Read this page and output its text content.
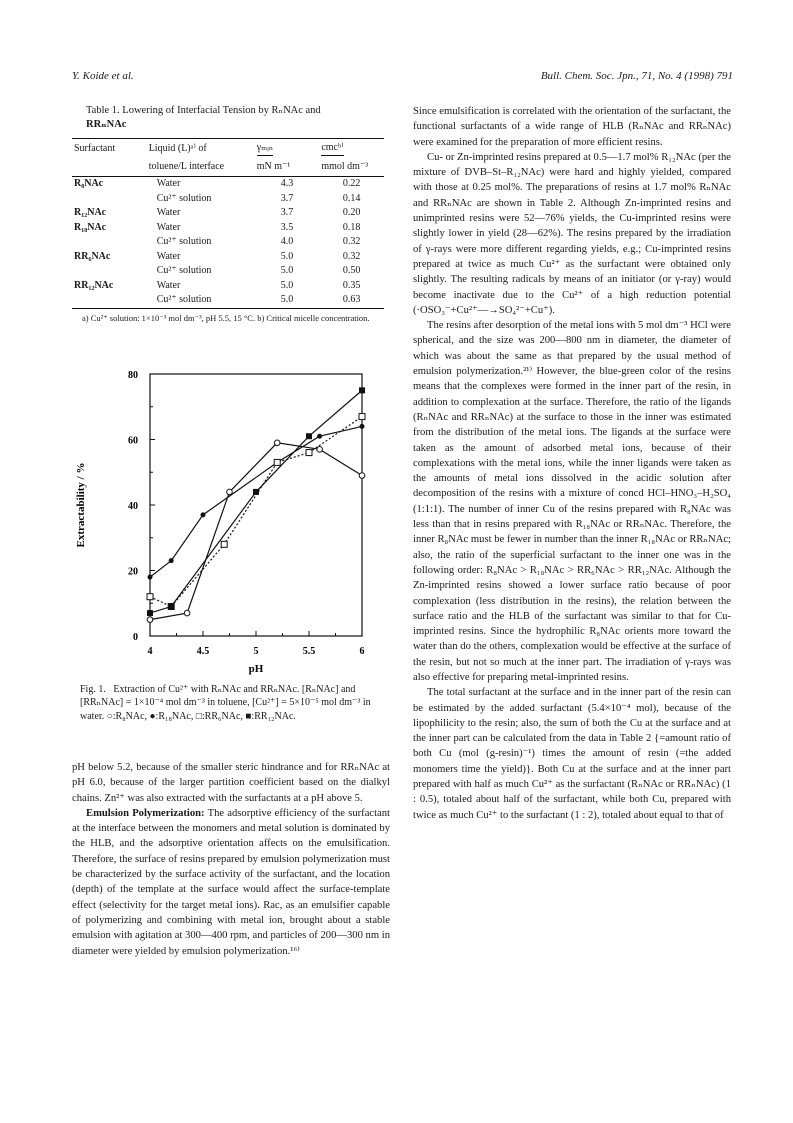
Y. Koide et al.	Bull. Chem. Soc. Jpn., 71, No. 4 (1998) 791
Table 1. Lowering of Interfacial Tension by RₙNAc and
RRₙNAc
Surfactant	Liquid (L)ᵃ⁾ of	γₘᵢₙ	cmcᵇ⁾
	toluene/L interface	mN m⁻¹	mmol dm⁻³
R₈NAc	Water	4.3	0.22
	Cu²⁺ solution	3.7	0.14
R₁₂NAc	Water	3.7	0.20
R₁₈NAc	Water	3.5	0.18
	Cu²⁺ solution	4.0	0.32
RR₆NAc	Water	5.0	0.32
	Cu²⁺ solution	5.0	0.50
RR₁₂NAc	Water	5.0	0.35
	Cu²⁺ solution	5.0	0.63
a) Cu²⁺ solution: 1×10⁻³ mol dm⁻³, pH 5.5, 15 °C. b) Critical micelle concentration.
4	4.5	5	5.5	6
0
20
40
60
80
pH
Extractability / %
Fig. 1. Extraction of Cu²⁺ with RₙNAc and RRₙNAc. [RₙNAc] and [RRₙNAc] = 1×10⁻⁴ mol dm⁻³ in toluene, [Cu²⁺] = 5×10⁻⁵ mol dm⁻³ in water. ○:R₈NAc, ●:R₁₈NAc, □:RR₆NAc, ■:RR₁₂NAc.

pH below 5.2, because of the smaller steric hindrance and for RRₙNAc at pH 6.0, because of the larger partition coefficient based on the dialkyl chains. Zn²⁺ was also extracted with the surfactants at a pH above 5.

Emulsion Polymerization: The adsorptive efficiency of the surfactant at the interface between the monomers and metal solution is dominated by the HLB, and the adsorptive orientation affects on the emulsification. Therefore, the surface of resins prepared by emulsion polymerization must be characterized by the surface activity of the surfactant, and the location (depth) of the template at the surface would affect the surface-template effect (selectivity for the target metal ions). Rac, as an emulsifier capable of polymerizing and combining with metal ion, brought about a stable emulsion with agitation at 300—400 rpm, and particles of 200—300 nm in diameter were yielded by emulsion polymerization.¹⁶⁾

Since emulsification is correlated with the orientation of the surfactant, the functional surfactants of a wide range of HLB (RₙNAc and RRₙNAc) were examined for the preparation of more efficient resins.

Cu- or Zn-imprinted resins prepared at 0.5—1.7 mol% R₁₂NAc (per the mixture of DVB–St–R₁₂NAc) were hard and highly yielded, compared with those at 0.25 mol%. The preparations of resins at 1.7 mol% RₙNAc and RRₙNAc are shown in Table 2. Although Zn-imprinted resins and unimprinted resins were 52—76% yields, the Cu-imprinted resins were slightly lower in yield (28—62%). The resins prepared by the irradiation of γ-rays were more different regarding yields, e.g.; Cu-imprinted resins prepared at twice as much Cu²⁺ as the surfactant were obtained only slightly. The resulting radicals by means of an initiator (or γ-ray) would become inactivate due to the Cu²⁺ of a high reduction potential (·OSO₃⁻+Cu²⁺—→SO₄²⁻+Cu⁺).

The resins after desorption of the metal ions with 5 mol dm⁻³ HCl were spherical, and the size was 200—800 nm in diameter, the diameter of which was about the same as that prepared by the usual method of emulsion polymerization.²¹⁾ However, the blue-green color of the resins means that the complexes were formed in the inner part of the resin, in addition to complexation at the surface. Therefore, the ratio of the ligands (RₙNAc and RRₙNAc) at the surface to those in the inner was estimated from the distribution of the metal ions. The ligands at the surface were taken as the amount of adsorbed metal ions, because of their complexations with the metal ions, while the inner ligands were taken as the amounts of metal ions dissolved in the acidic solution after decomposition of the resins with a mixture of concd HCl–HNO₃–H₂SO₄ (1:1:1). The number of inner Cu of the resins prepared with R₈NAc was less than that in resins prepared with R₁₈NAc or RRₙNAc. Therefore, the inner R₈NAc must be fewer in number than the inner R₁₈NAc or RRₙNAc; also, the ratio of the superficial surfactant to the inner one was in the following order: R₈NAc > R₁₈NAc > RR₆NAc > RR₁₂NAc. Although the Zn-imprinted resins showed a lower surface ratio because of poor complexation (less distribution in the resins), the relation between the surface ratio and the HLB of the surfactant was similar to that for Cu-imprinted resins. Since the hydrophilic R₈NAc orients more toward the water than do the others, complexation would be effective at the surface of the resin, but not so much at the inner part. The irradiation of γ-rays was also effective for preparing metal-imprinted resins.

The total surfactant at the surface and in the inner part of the resin can be estimated by the added surfactant (5.4×10⁻⁴ mol), because of the lipophilicity to the resin; also, the sum of both the Cu at the surface and at the inner part can be calculated from the data in Table 2 {=amount ratio of both Cu (mol (g-resin)⁻¹) times the amount of resin (=the added monomers time the yield)}. Both Cu at the surface and at the inner part prepared with half as much Cu²⁺ as the surfactant (RₙNAc or RRₙNAc) (1 : 0.5), totaled about half of the surfactant, while both Cu, prepared with twice as much Cu²⁺ to the surfactant (1 : 2), totaled about equal to that of
